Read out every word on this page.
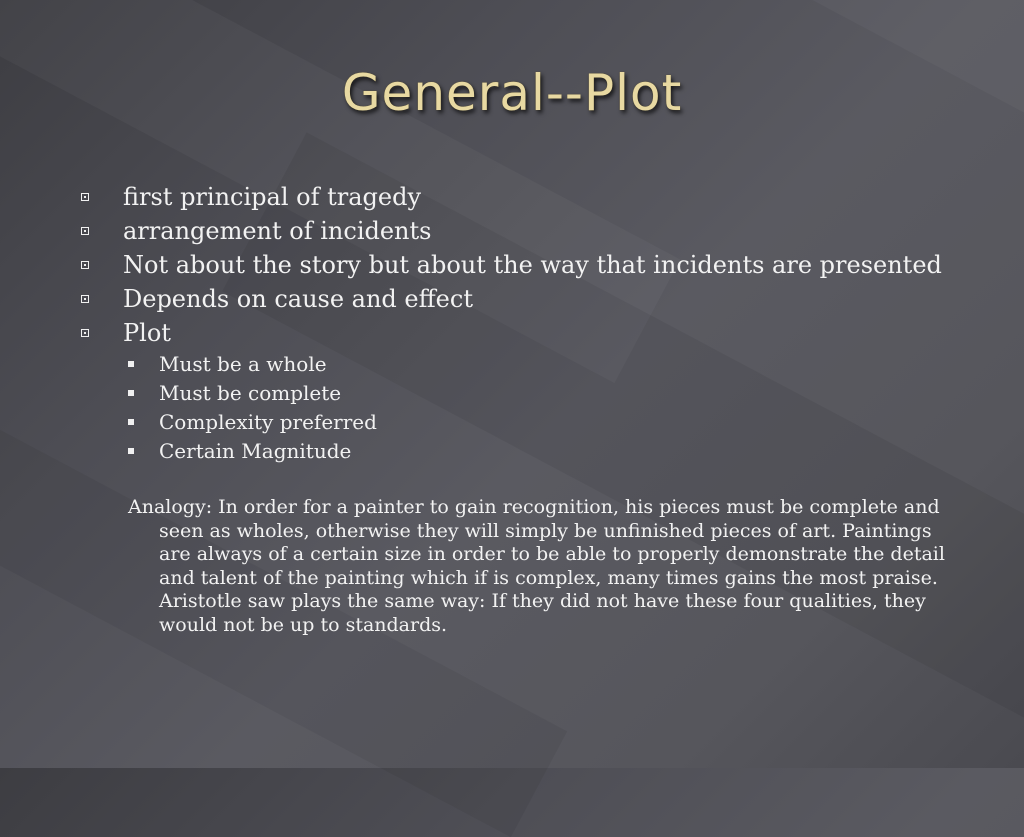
General--Plot
first principal of tragedy
arrangement of incidents
Not about the story but about the way that incidents are presented
Depends on cause and effect
Plot
Must be a whole
Must be complete
Complexity preferred
Certain Magnitude
Analogy: In order for a painter to gain recognition, his pieces must be complete and seen as wholes, otherwise they will simply be unfinished pieces of art. Paintings are always of a certain size in order to be able to properly demonstrate the detail and talent of the painting which if is complex, many times gains the most praise. Aristotle saw plays the same way: If they did not have these four qualities, they would not be up to standards.
